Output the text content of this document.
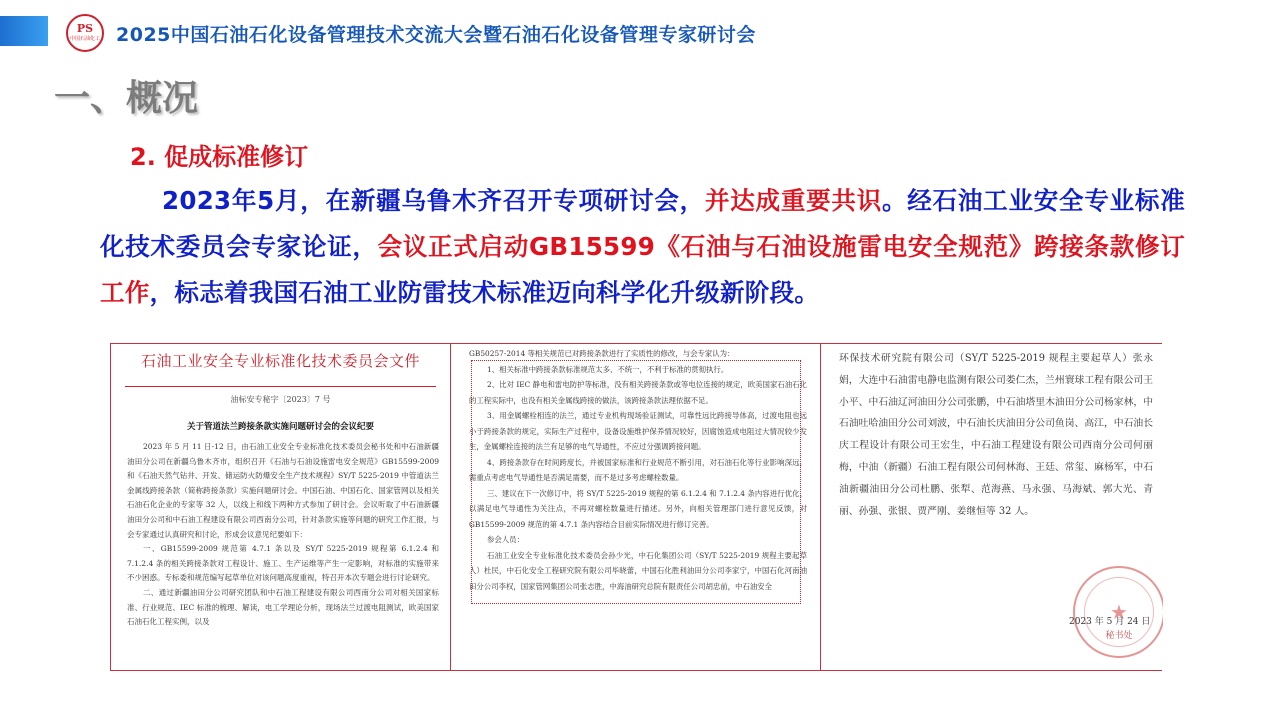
PS
中国石油化工 2025中国石油石化设备管理技术交流大会暨石油石化设备管理专家研讨会
一、概况
2. 促成标准修订
2023年5月，在新疆乌鲁木齐召开专项研讨会，并达成重要共识。经石油工业安全专业标准化技术委员会专家论证，会议正式启动GB15599《石油与石油设施雷电安全规范》跨接条款修订工作，标志着我国石油工业防雷技术标准迈向科学化升级新阶段。
石油工业安全专业标准化技术委员会文件
油标安专秘字〔2023〕7 号
关于管道法兰跨接条款实施问题研讨会的会议纪要

2023 年 5 月 11 日-12 日，由石油工业安全专业标准化技术委员会秘书处和中石油新疆油田分公司在新疆乌鲁木齐市，组织召开《石油与石油设施雷电安全规范》GB15599-2009 和《石油天然气钻井、开发、储运防火防爆安全生产技术规程》SY/T 5225-2019 中管道法兰金属线跨接条款（简称跨接条款）实施问题研讨会。中国石油、中国石化、国家管网以及相关石油石化企业的专家等 32 人，以线上和线下两种方式参加了研讨会。会议听取了中石油新疆油田分公司和中石油工程建设有限公司西南分公司，针对条款实施等问题的研究工作汇报，与会专家通过认真研究和讨论，形成会议意见纪要如下：

一、GB15599-2009 规范第 4.7.1 条以及 SY/T 5225-2019 规程第 6.1.2.4 和 7.1.2.4 条的相关跨接条款对工程设计、施工、生产运维等产生一定影响，对标准的实施带来不少困惑。专标委和规范编写起草单位对该问题高度重视，特召开本次专题会进行讨论研究。

二、通过新疆油田分公司研究团队和中石油工程建设有限公司西南分公司对相关国家标准、行业规范、IEC 标准的梳理、解读，电工学理论分析，现场法兰过渡电阻测试，欧美国家石油石化工程实例，以及

GB50257-2014 等相关规范已对跨接条款进行了实质性的修改，与会专家认为：

1、相关标准中跨接条款标准规范太多、不统一，不利于标准的贯彻执行。

2、比对 IEC 静电和雷电防护等标准，没有相关跨接条款或等电位连接的规定，欧美国家石油石化的工程实际中，也没有相关金属线跨接的做法，该跨接条款法理依据不足。

3、用金属螺栓相连的法兰，通过专业机构现场验证测试，可靠性远比跨接导体高，过渡电阻也远小于跨接条款的规定，实际生产过程中，设备设施维护保养情况较好，因腐蚀造成电阻过大情况较少发生，金属螺栓连接的法兰有足够的电气导通性，不应过分强调跨接问题。

4、跨接条款存在时间跨度长，并被国家标准和行业规范不断引用，对石油石化等行业影响深远，需重点考虑电气导通性是否满足需要，而不是过多考虑螺栓数量。

三、建议在下一次修订中，将 SY/T 5225-2019 规程的第 6.1.2.4 和 7.1.2.4 条内容进行优化，以满足电气导通性为关注点，不再对螺栓数量进行描述。另外，向相关管理部门进行意见反馈，对 GB15599-2009 规范的第 4.7.1 条内容结合目前实际情况进行修订完善。

参会人员：

石油工业安全专业标准化技术委员会孙少光，中石化集团公司（SY/T 5225-2019 规程主要起草人）杜民，中石化安全工程研究院有限公司毕晓蕾，中国石化胜利油田分公司李家宁，中国石化河南油田分公司李权，国家管网集团公司张志胜，中海油研究总院有限责任公司胡忠前，中石油安全

环保技术研究院有限公司（SY/T 5225-2019 规程主要起草人）张永娟，大连中石油雷电静电监测有限公司娄仁杰，兰州寰球工程有限公司王小平、中石油辽河油田分公司张鹏，中石油塔里木油田分公司杨家林，中石油吐哈油田分公司刘波，中石油长庆油田分公司鱼岗、高江，中石油长庆工程设计有限公司王宏生，中石油工程建设有限公司西南分公司何丽梅，中油（新疆）石油工程有限公司何林海、王廷、常玺、麻杨军，中石油新疆油田分公司杜鹏、张犁、范海燕、马永强、马海斌、郭大光、青丽、孙强、张银、贾严刚、姜继恒等 32 人。
★
秘书处
2023 年 5 月 24 日
